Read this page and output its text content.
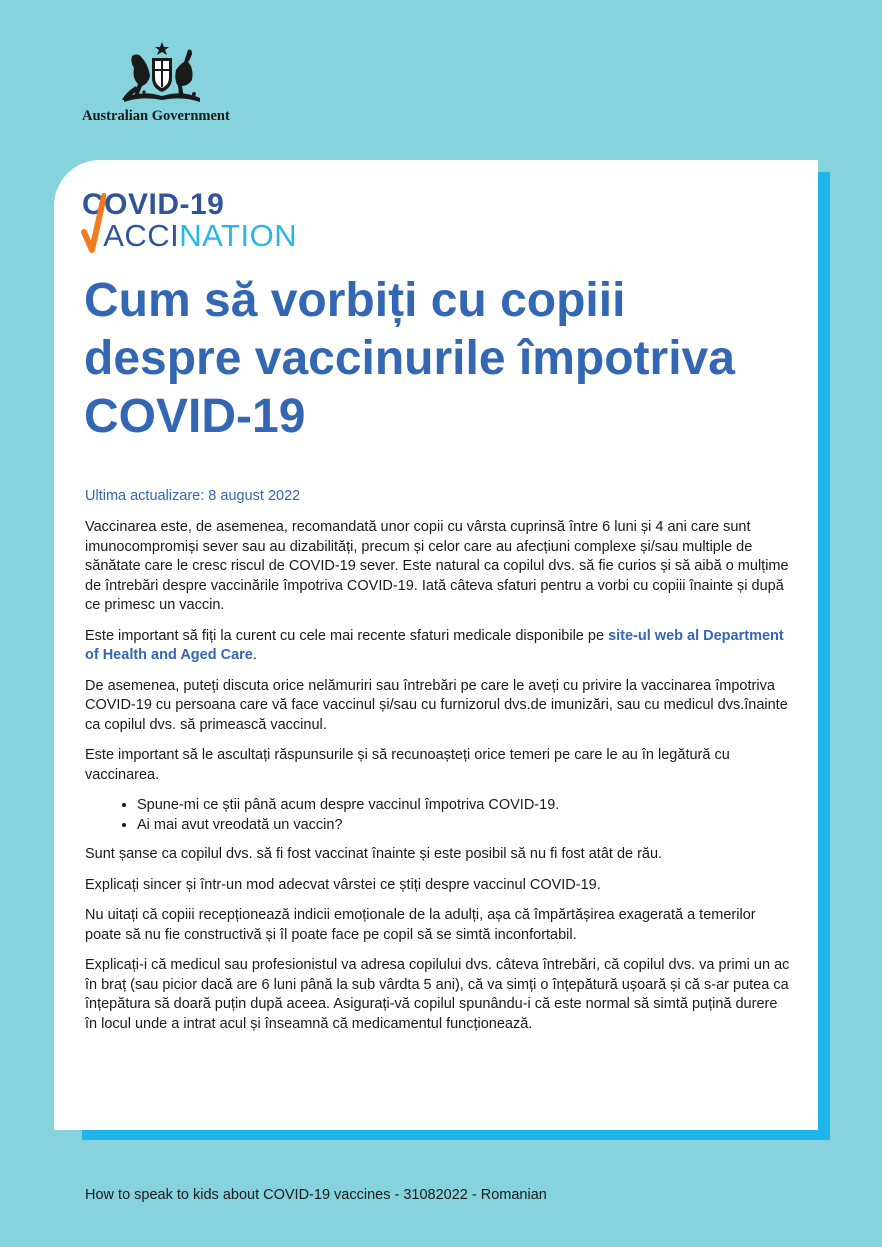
Australian Government
COVID-19
ACCINATION
Cum să vorbiți cu copiii despre vaccinurile împotriva COVID-19

Ultima actualizare: 8 august 2022

Vaccinarea este, de asemenea, recomandată unor copii cu vârsta cuprinsă între 6 luni și 4 ani care sunt imunocompromiși sever sau au dizabilități, precum și celor care au afecțiuni complexe și/sau multiple de sănătate care le cresc riscul de COVID-19 sever. Este natural ca copilul dvs. să fie curios și să aibă o mulțime de întrebări despre vaccinările împotriva COVID-19. Iată câteva sfaturi pentru a vorbi cu copiii înainte și după ce primesc un vaccin.

Este important să fiți la curent cu cele mai recente sfaturi medicale disponibile pe site-ul web al Department of Health and Aged Care.

De asemenea, puteți discuta orice nelămuriri sau întrebări pe care le aveți cu privire la vaccinarea împotriva COVID-19 cu persoana care vă face vaccinul și/sau cu furnizorul dvs.de imunizări, sau cu medicul dvs.înainte ca copilul dvs. să primească vaccinul.

Este important să le ascultați răspunsurile și să recunoașteți orice temeri pe care le au în legătură cu vaccinarea.

• Spune-mi ce știi până acum despre vaccinul împotriva COVID-19.
• Ai mai avut vreodată un vaccin?

Sunt șanse ca copilul dvs. să fi fost vaccinat înainte și este posibil să nu fi fost atât de rău.

Explicați sincer și într-un mod adecvat vârstei ce știți despre vaccinul COVID-19.

Nu uitați că copiii recepționează indicii emoționale de la adulți, așa că împărtășirea exagerată a temerilor poate să nu fie constructivă și îl poate face pe copil să se simtă inconfortabil.

Explicați-i că medicul sau profesionistul va adresa copilului dvs. câteva întrebări, că copilul dvs. va primi un ac în braț (sau picior dacă are 6 luni până la sub vârdta 5 ani), că va simți o înțepătură ușoară și că s-ar putea ca înțepătura să doară puțin după aceea. Asigurați-vă copilul spunându-i că este normal să simtă puțină durere în locul unde a intrat acul și înseamnă că medicamentul funcționează.

How to speak to kids about COVID-19 vaccines - 31082022 - Romanian
